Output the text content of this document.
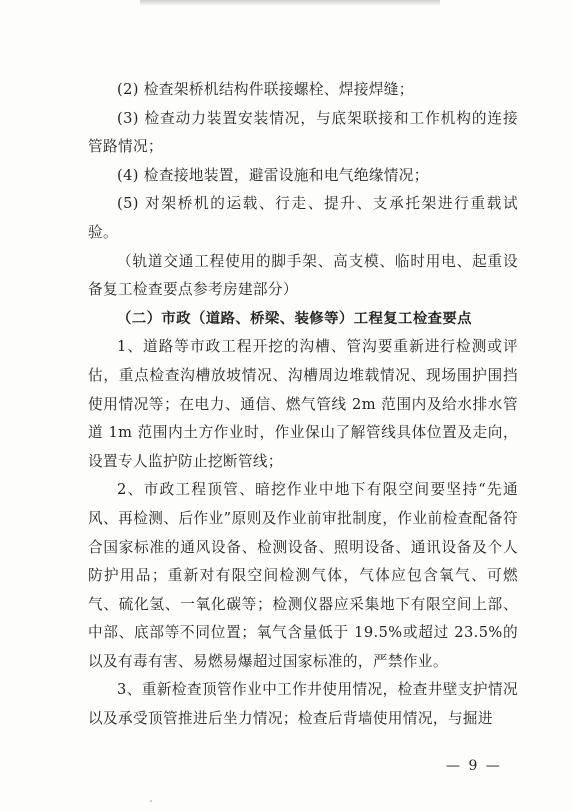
(2) 检查架桥机结构件联接螺栓、焊接焊缝；

(3) 检查动力装置安装情况，与底架联接和工作机构的连接管路情况；

(4) 检查接地装置，避雷设施和电气绝缘情况；

(5) 对架桥机的运载、行走、提升、支承托架进行重载试验。

（轨道交通工程使用的脚手架、高支模、临时用电、起重设备复工检查要点参考房建部分）

（二）市政（道路、桥梁、装修等）工程复工检查要点

1、道路等市政工程开挖的沟槽、管沟要重新进行检测或评估，重点检查沟槽放坡情况、沟槽周边堆载情况、现场围护围挡使用情况等；在电力、通信、燃气管线 2m 范围内及给水排水管道 1m 范围内土方作业时，作业保山了解管线具体位置及走向，设置专人监护防止挖断管线；

2、市政工程顶管、暗挖作业中地下有限空间要坚持“先通风、再检测、后作业”原则及作业前审批制度，作业前检查配备符合国家标准的通风设备、检测设备、照明设备、通讯设备及个人防护用品；重新对有限空间检测气体，气体应包含氧气、可燃气、硫化氢、一氧化碳等；检测仪器应采集地下有限空间上部、中部、底部等不同位置；氧气含量低于 19.5%或超过 23.5%的以及有毒有害、易燃易爆超过国家标准的，严禁作业。

3、重新检查顶管作业中工作井使用情况，检查井壁支护情况以及承受顶管推进后坐力情况；检查后背墙使用情况，与掘进

— 9 —
